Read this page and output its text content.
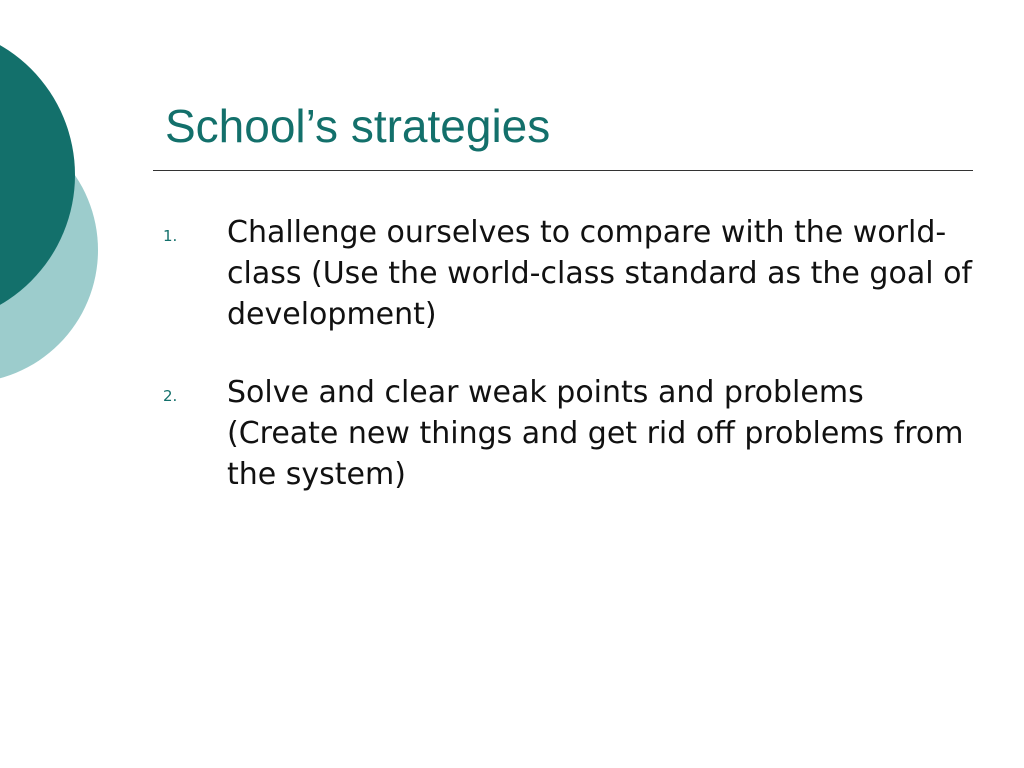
School’s strategies
1. Challenge ourselves to compare with the world-class (Use the world-class standard as the goal of development)
2. Solve and clear weak points and problems (Create new things and get rid off problems from the system)
